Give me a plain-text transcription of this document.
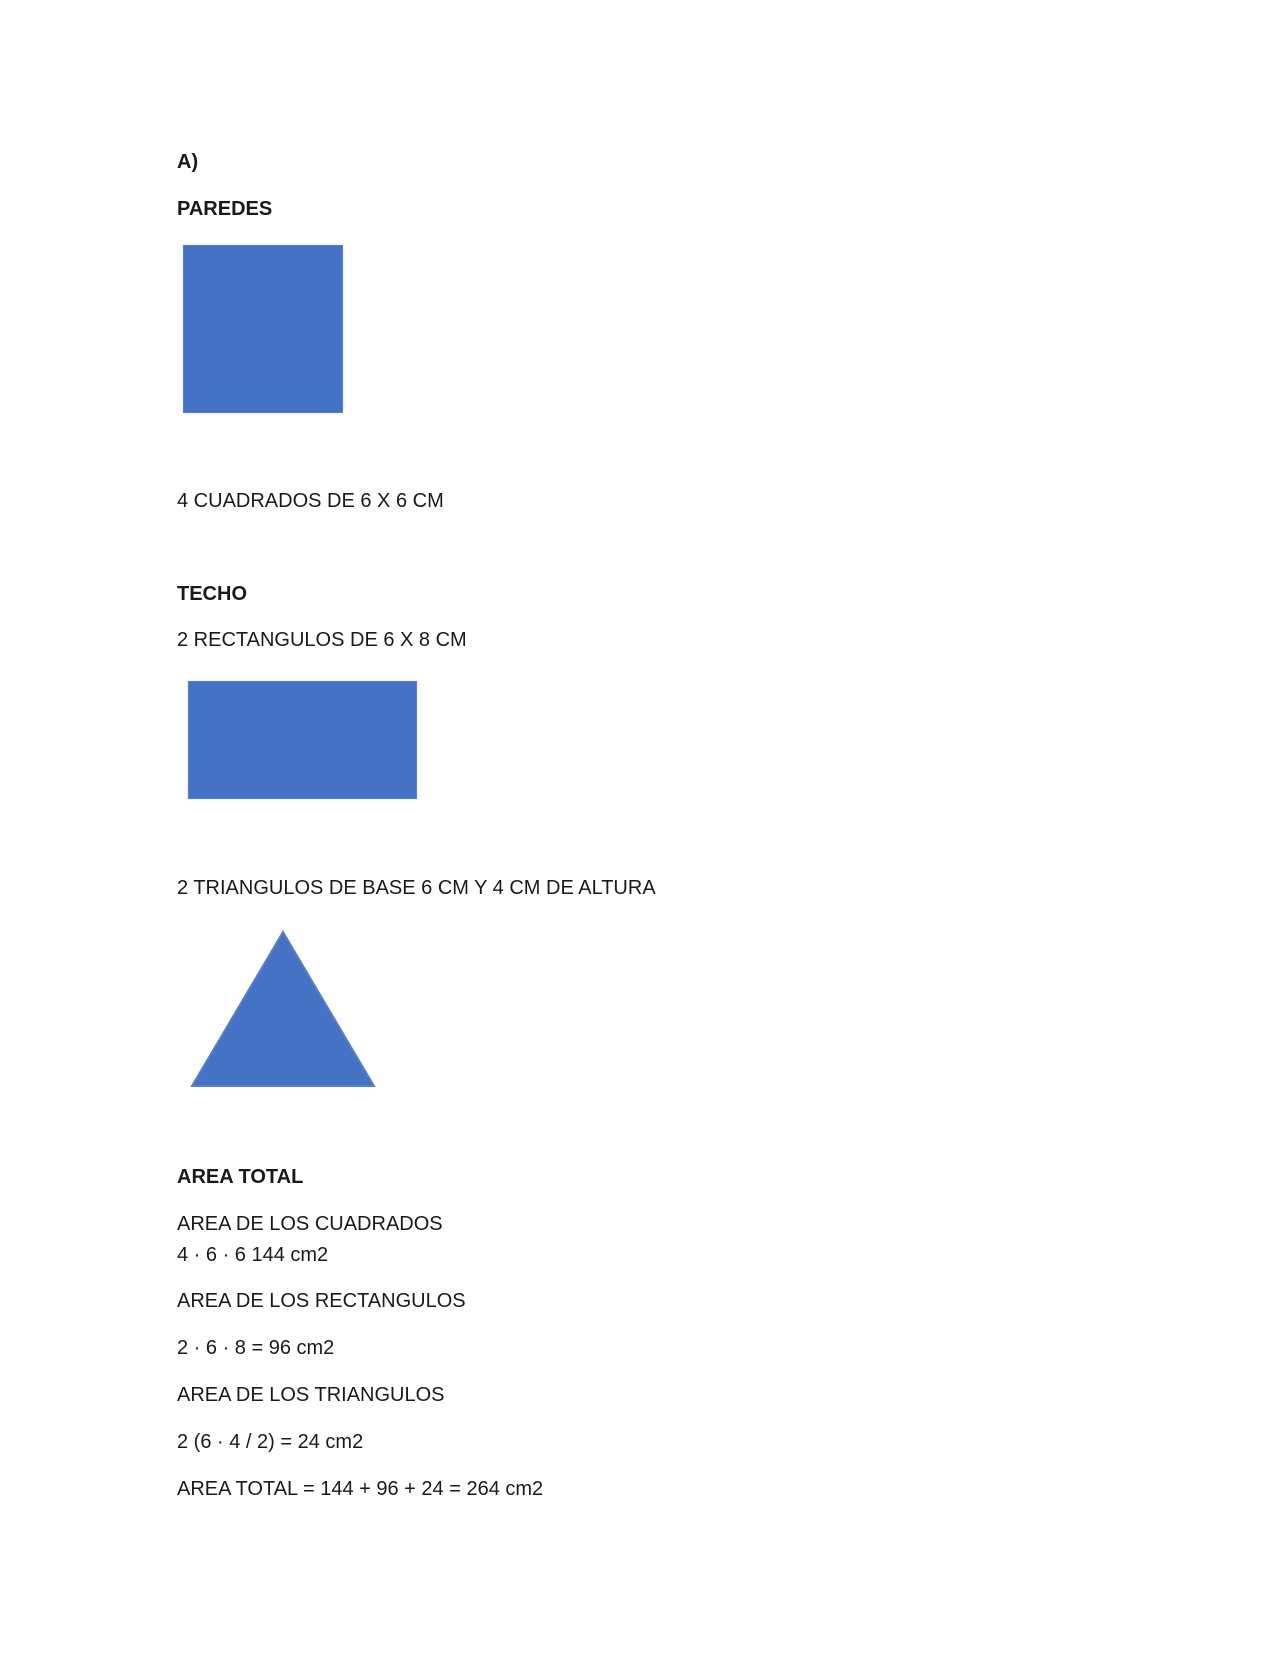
A)
PAREDES
4 CUADRADOS DE 6 X 6 CM
TECHO
2 RECTANGULOS DE 6 X 8 CM
2 TRIANGULOS DE BASE 6 CM Y 4 CM DE ALTURA
AREA TOTAL
AREA DE LOS CUADRADOS
4 · 6 · 6 144 cm2
AREA DE LOS RECTANGULOS
2 · 6 · 8 = 96 cm2
AREA DE LOS TRIANGULOS
2 (6 · 4 / 2) = 24 cm2
AREA TOTAL = 144 + 96 + 24 = 264 cm2
